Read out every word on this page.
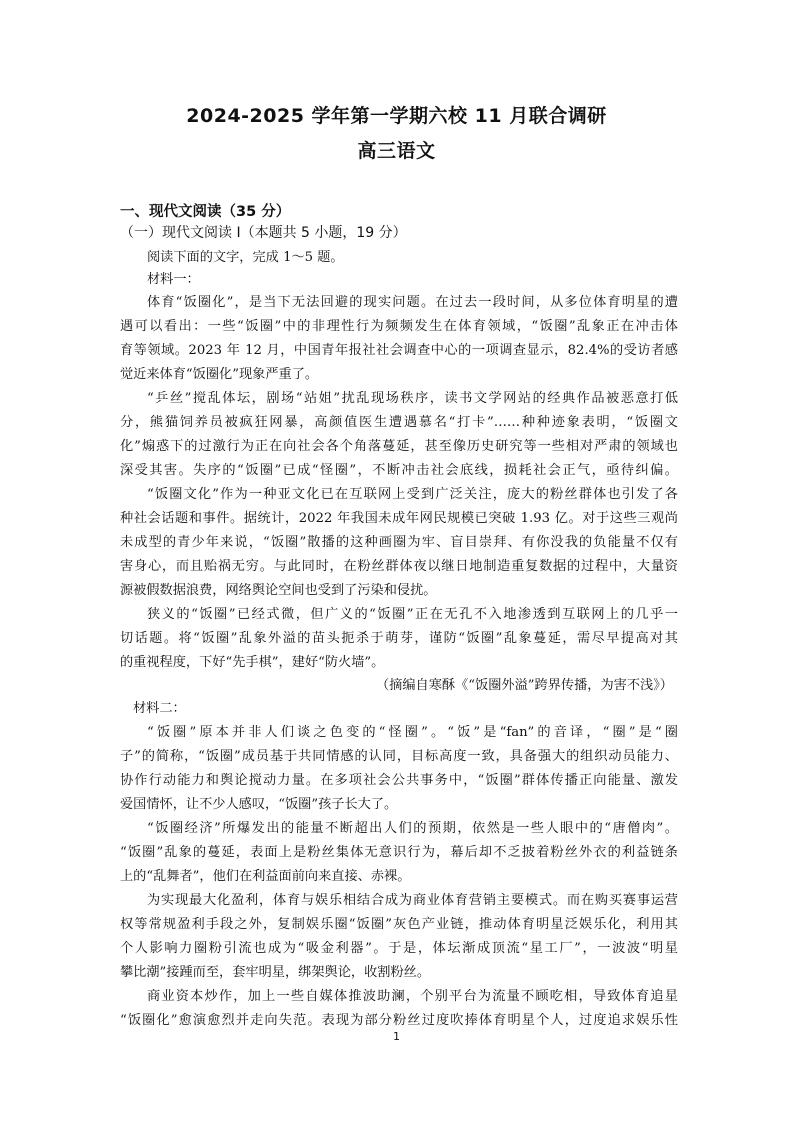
2024-2025 学年第一学期六校 11 月联合调研
高三语文
一、现代文阅读（35 分）
（一）现代文阅读 I（本题共 5 小题，19 分）
阅读下面的文字，完成 1～5 题。
材料一：
体育“饭圈化”，是当下无法回避的现实问题。在过去一段时间，从多位体育明星的遭
遇可以看出：一些“饭圈”中的非理性行为频频发生在体育领域，“饭圈”乱象正在冲击体
育等领域。2023 年 12 月，中国青年报社社会调查中心的一项调查显示，82.4%的受访者感
觉近来体育“饭圈化”现象严重了。
“乒丝”搅乱体坛，剧场“站姐”扰乱现场秩序，读书文学网站的经典作品被恶意打低
分，熊猫饲养员被疯狂网暴，高颜值医生遭遇慕名“打卡”……种种迹象表明，“饭圈文
化”煽惑下的过激行为正在向社会各个角落蔓延，甚至像历史研究等一些相对严肃的领域也
深受其害。失序的“饭圈”已成“怪圈”，不断冲击社会底线，损耗社会正气，亟待纠偏。
“饭圈文化”作为一种亚文化已在互联网上受到广泛关注，庞大的粉丝群体也引发了各
种社会话题和事件。据统计，2022 年我国未成年网民规模已突破 1.93 亿。对于这些三观尚
未成型的青少年来说，“饭圈”散播的这种画圈为牢、盲目崇拜、有你没我的负能量不仅有
害身心，而且贻祸无穷。与此同时，在粉丝群体夜以继日地制造重复数据的过程中，大量资
源被假数据浪费，网络舆论空间也受到了污染和侵扰。
狭义的“饭圈”已经式微，但广义的“饭圈”正在无孔不入地渗透到互联网上的几乎一
切话题。将“饭圈”乱象外溢的苗头扼杀于萌芽，谨防“饭圈”乱象蔓延，需尽早提高对其
的重视程度，下好“先手棋”，建好“防火墙”。
（摘编自寒酥《“饭圈外溢”跨界传播，为害不浅》）
材料二：
“饭圈”原本并非人们谈之色变的“怪圈”。“饭”是“fan”的音译，“圈”是“圈
子”的简称，“饭圈”成员基于共同情感的认同，目标高度一致，具备强大的组织动员能力、
协作行动能力和舆论搅动力量。在多项社会公共事务中，“饭圈”群体传播正向能量、激发
爱国情怀，让不少人感叹，“饭圈”孩子长大了。
“饭圈经济”所爆发出的能量不断超出人们的预期，依然是一些人眼中的“唐僧肉”。
“饭圈”乱象的蔓延，表面上是粉丝集体无意识行为，幕后却不乏披着粉丝外衣的利益链条
上的“乱舞者”，他们在利益面前向来直接、赤裸。
为实现最大化盈利，体育与娱乐相结合成为商业体育营销主要模式。而在购买赛事运营
权等常规盈利手段之外，复制娱乐圈“饭圈”灰色产业链，推动体育明星泛娱乐化，利用其
个人影响力圈粉引流也成为“吸金利器”。于是，体坛渐成顶流“星工厂”，一波波“明星
攀比潮”接踵而至，套牢明星，绑架舆论，收割粉丝。
商业资本炒作，加上一些自媒体推波助澜，个别平台为流量不顾吃相，导致体育追星
“饭圈化”愈演愈烈并走向失范。表现为部分粉丝过度吹捧体育明星个人，过度追求娱乐性
1
